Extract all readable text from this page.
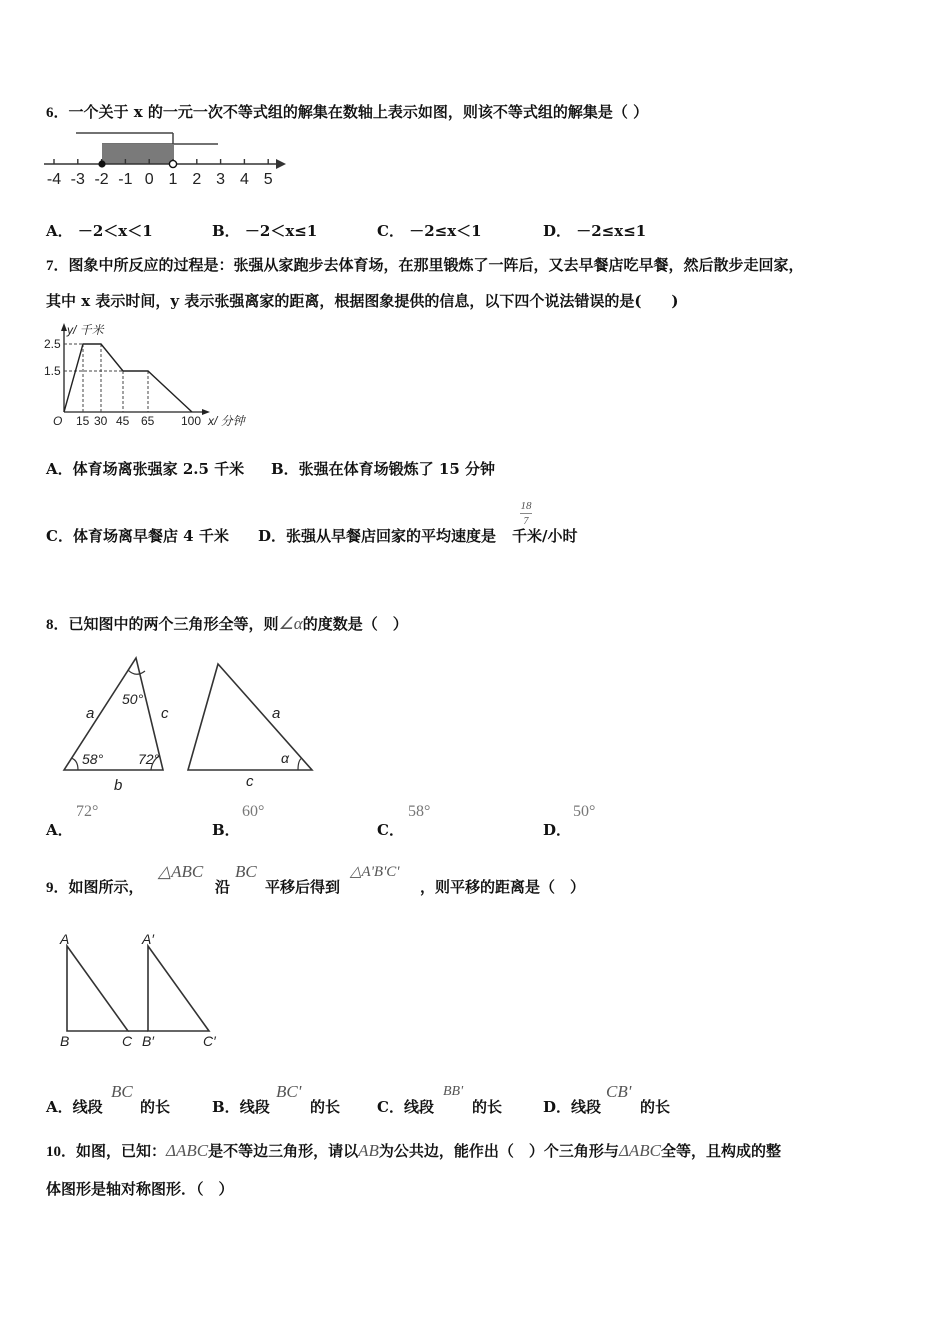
6．一个关于 x 的一元一次不等式组的解集在数轴上表示如图，则该不等式组的解集是（ ）
-4 -3 -2 -1 0 1 2 3 4 5
A． －2＜x＜1	B． －2＜x≤1	C． －2≤x＜1	D． －2≤x≤1
7．图象中所反应的过程是：张强从家跑步去体育场，在那里锻炼了一阵后，又去早餐店吃早餐，然后散步走回家，
其中 x 表示时间，y 表示张强离家的距离，根据图象提供的信息，以下四个说法错误的是(　　)
y/ 千米
2.5
1.5
O 15 30 45 65 100 x/ 分钟
A．体育场离张强家 2.5 千米 B．张强在体育场锻炼了 15 分钟
C．体育场离早餐店 4 千米 D．张强从早餐店回家的平均速度是 千米/小时
18
7
8．已知图中的两个三角形全等，则∠α的度数是（　）
50°
58° 72°
a	c
b
a
c
α
A．
72°
B．
60°
C．
58°
D．
50°
9．如图所示，
△ABC
沿
BC
平移后得到
△A'B'C'
，则平移的距离是（　）
A
B	C
A′
B′	C′
A．线段
BC
的长	B．线段
BC'
的长 C．线段
BB'
的长	D．线段
CB'
的长
10．如图，已知：ΔABC是不等边三角形，请以AB为公共边，能作出（　）个三角形与ΔABC全等，且构成的整
体图形是轴对称图形．（　）
